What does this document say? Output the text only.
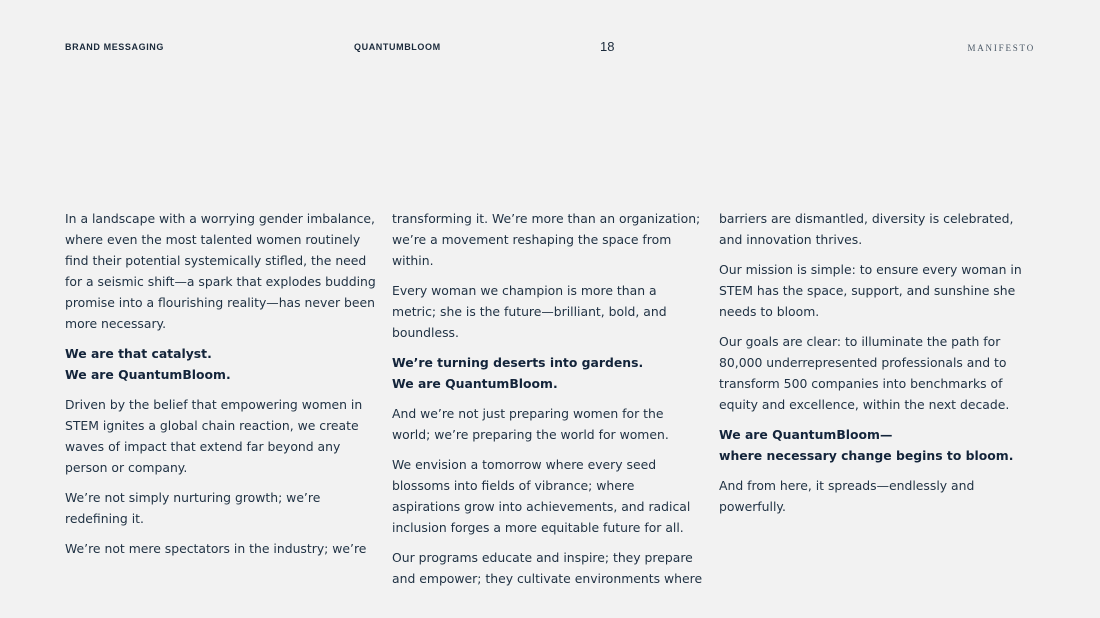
BRAND MESSAGING	QUANTUMBLOOM	18	MANIFESTO

In a landscape with a worrying gender imbalance, where even the most talented women routinely find their potential systemically stifled, the need for a seismic shift—a spark that explodes budding promise into a flourishing reality—has never been more necessary.

We are that catalyst.
We are QuantumBloom.

Driven by the belief that empowering women in STEM ignites a global chain reaction, we create waves of impact that extend far beyond any person or company.

We’re not simply nurturing growth; we’re redefining it.

We’re not mere spectators in the industry; we’re

transforming it. We’re more than an organization; we’re a movement reshaping the space from within.

Every woman we champion is more than a metric; she is the future—brilliant, bold, and boundless.

We’re turning deserts into gardens.
We are QuantumBloom.

And we’re not just preparing women for the world; we’re preparing the world for women.

We envision a tomorrow where every seed blossoms into fields of vibrance; where aspirations grow into achievements, and radical inclusion forges a more equitable future for all.

Our programs educate and inspire; they prepare and empower; they cultivate environments where

barriers are dismantled, diversity is celebrated, and innovation thrives.

Our mission is simple: to ensure every woman in STEM has the space, support, and sunshine she needs to bloom.

Our goals are clear: to illuminate the path for 80,000 underrepresented professionals and to transform 500 companies into benchmarks of equity and excellence, within the next decade.

We are QuantumBloom—
where necessary change begins to bloom.

And from here, it spreads—endlessly and powerfully.
